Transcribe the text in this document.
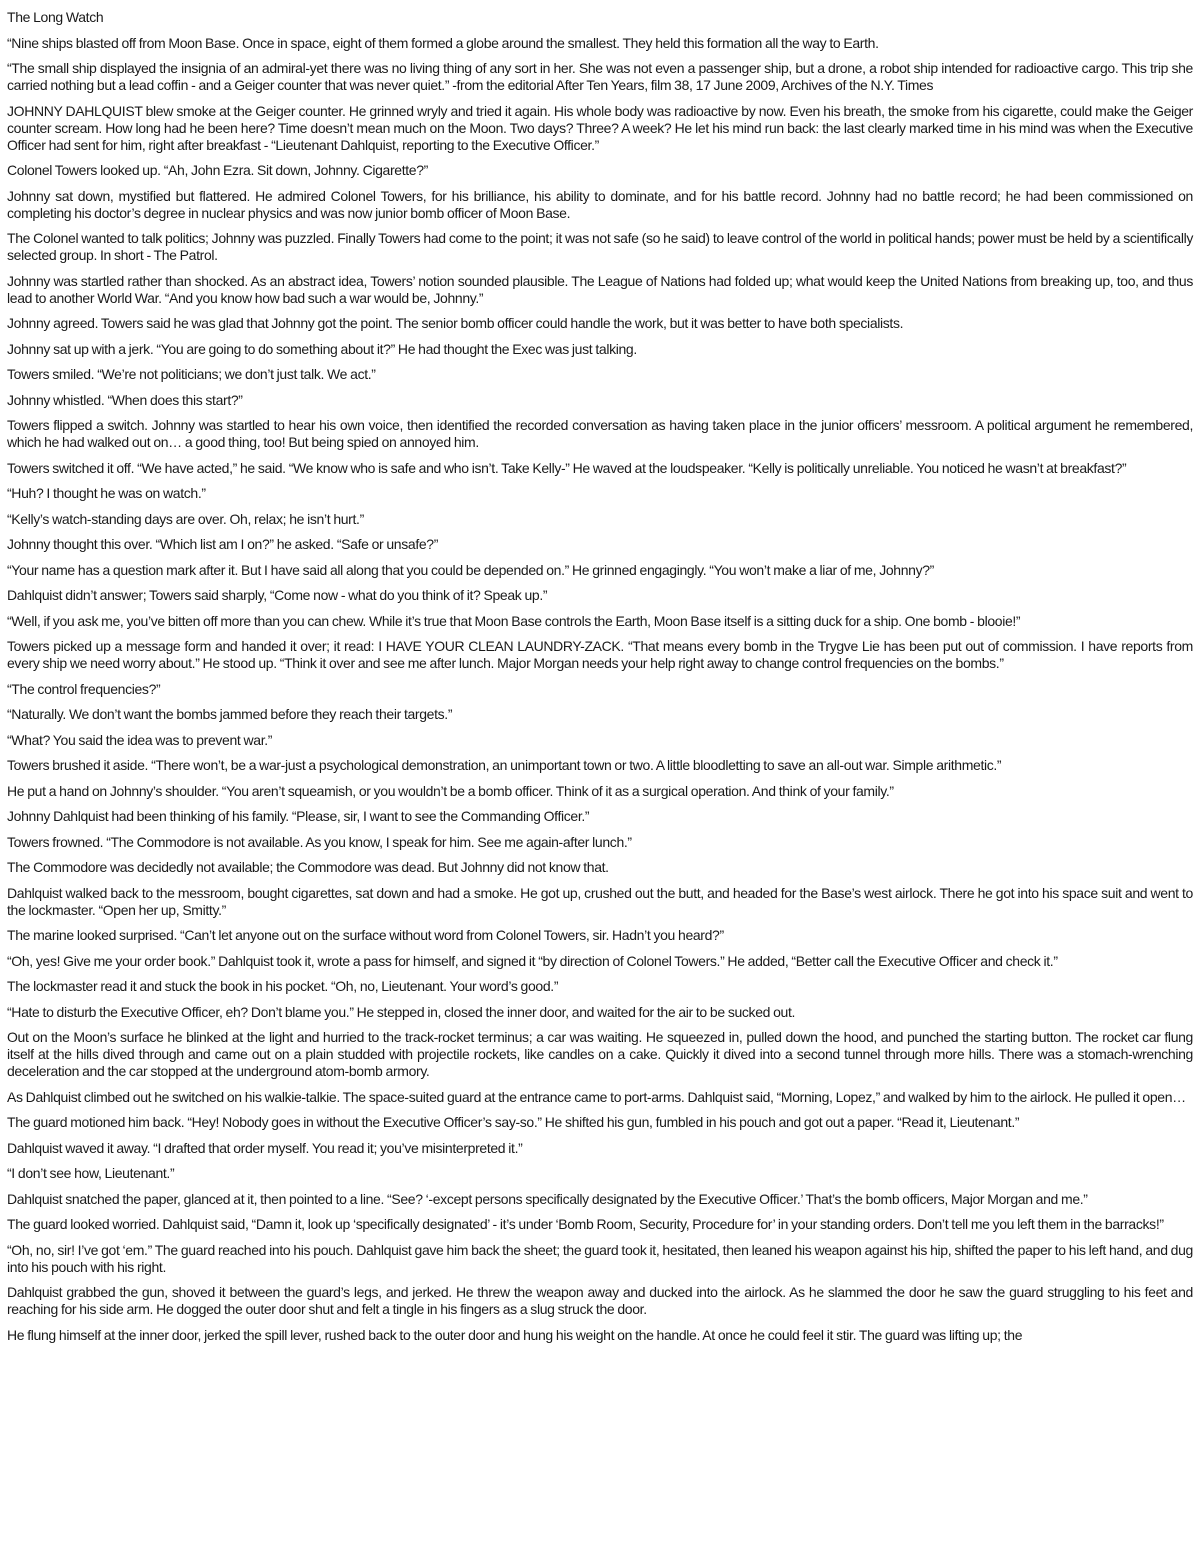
The Long Watch

“Nine ships blasted off from Moon Base. Once in space, eight of them formed a globe around the smallest. They held this formation all the way to Earth.

“The small ship displayed the insignia of an admiral-yet there was no living thing of any sort in her. She was not even a passenger ship, but a drone, a robot ship intended for radioactive cargo. This trip she carried nothing but a lead coffin - and a Geiger counter that was never quiet.” -from the editorial After Ten Years, film 38, 17 June 2009, Archives of the N.Y. Times

JOHNNY DAHLQUIST blew smoke at the Geiger counter. He grinned wryly and tried it again. His whole body was radioactive by now. Even his breath, the smoke from his cigarette, could make the Geiger counter scream. How long had he been here? Time doesn’t mean much on the Moon. Two days? Three? A week? He let his mind run back: the last clearly marked time in his mind was when the Executive Officer had sent for him, right after breakfast - “Lieutenant Dahlquist, reporting to the Executive Officer.”

Colonel Towers looked up. “Ah, John Ezra. Sit down, Johnny. Cigarette?”

Johnny sat down, mystified but flattered. He admired Colonel Towers, for his brilliance, his ability to dominate, and for his battle record. Johnny had no battle record; he had been commissioned on completing his doctor’s degree in nuclear physics and was now junior bomb officer of Moon Base.

The Colonel wanted to talk politics; Johnny was puzzled. Finally Towers had come to the point; it was not safe (so he said) to leave control of the world in political hands; power must be held by a scientifically selected group. In short - The Patrol.

Johnny was startled rather than shocked. As an abstract idea, Towers’ notion sounded plausible. The League of Nations had folded up; what would keep the United Nations from breaking up, too, and thus lead to another World War. “And you know how bad such a war would be, Johnny.”

Johnny agreed. Towers said he was glad that Johnny got the point. The senior bomb officer could handle the work, but it was better to have both specialists.

Johnny sat up with a jerk. “You are going to do something about it?” He had thought the Exec was just talking.

Towers smiled. “We’re not politicians; we don’t just talk. We act.”

Johnny whistled. “When does this start?”

Towers flipped a switch. Johnny was startled to hear his own voice, then identified the recorded conversation as having taken place in the junior officers’ messroom. A political argument he remembered, which he had walked out on… a good thing, too! But being spied on annoyed him.

Towers switched it off. “We have acted,” he said. “We know who is safe and who isn’t. Take Kelly-” He waved at the loudspeaker. “Kelly is politically unreliable. You noticed he wasn’t at breakfast?”

“Huh? I thought he was on watch.”

“Kelly’s watch-standing days are over. Oh, relax; he isn’t hurt.”

Johnny thought this over. “Which list am I on?” he asked. “Safe or unsafe?”

“Your name has a question mark after it. But I have said all along that you could be depended on.” He grinned engagingly. “You won’t make a liar of me, Johnny?”

Dahlquist didn’t answer; Towers said sharply, “Come now - what do you think of it? Speak up.”

“Well, if you ask me, you’ve bitten off more than you can chew. While it’s true that Moon Base controls the Earth, Moon Base itself is a sitting duck for a ship. One bomb - blooie!”

Towers picked up a message form and handed it over; it read: I HAVE YOUR CLEAN LAUNDRY-ZACK. “That means every bomb in the Trygve Lie has been put out of commission. I have reports from every ship we need worry about.” He stood up. “Think it over and see me after lunch. Major Morgan needs your help right away to change control frequencies on the bombs.”

“The control frequencies?”

“Naturally. We don’t want the bombs jammed before they reach their targets.”

“What? You said the idea was to prevent war.”

Towers brushed it aside. “There won’t, be a war-just a psychological demonstration, an unimportant town or two. A little bloodletting to save an all-out war. Simple arithmetic.”

He put a hand on Johnny’s shoulder. “You aren’t squeamish, or you wouldn’t be a bomb officer. Think of it as a surgical operation. And think of your family.”

Johnny Dahlquist had been thinking of his family. “Please, sir, I want to see the Commanding Officer.”

Towers frowned. “The Commodore is not available. As you know, I speak for him. See me again-after lunch.”

The Commodore was decidedly not available; the Commodore was dead. But Johnny did not know that.

Dahlquist walked back to the messroom, bought cigarettes, sat down and had a smoke. He got up, crushed out the butt, and headed for the Base’s west airlock. There he got into his space suit and went to the lockmaster. “Open her up, Smitty.”

The marine looked surprised. “Can’t let anyone out on the surface without word from Colonel Towers, sir. Hadn’t you heard?”

“Oh, yes! Give me your order book.” Dahlquist took it, wrote a pass for himself, and signed it “by direction of Colonel Towers.” He added, “Better call the Executive Officer and check it.”

The lockmaster read it and stuck the book in his pocket. “Oh, no, Lieutenant. Your word’s good.”

“Hate to disturb the Executive Officer, eh? Don’t blame you.” He stepped in, closed the inner door, and waited for the air to be sucked out.

Out on the Moon’s surface he blinked at the light and hurried to the track-rocket terminus; a car was waiting. He squeezed in, pulled down the hood, and punched the starting button. The rocket car flung itself at the hills dived through and came out on a plain studded with projectile rockets, like candles on a cake. Quickly it dived into a second tunnel through more hills. There was a stomach-wrenching deceleration and the car stopped at the underground atom-bomb armory.

As Dahlquist climbed out he switched on his walkie-talkie. The space-suited guard at the entrance came to port-arms. Dahlquist said, “Morning, Lopez,” and walked by him to the airlock. He pulled it open…

The guard motioned him back. “Hey! Nobody goes in without the Executive Officer’s say-so.” He shifted his gun, fumbled in his pouch and got out a paper. “Read it, Lieutenant.”

Dahlquist waved it away. “I drafted that order myself. You read it; you’ve misinterpreted it.”

“I don’t see how, Lieutenant.”

Dahlquist snatched the paper, glanced at it, then pointed to a line. “See? ‘-except persons specifically designated by the Executive Officer.’ That’s the bomb officers, Major Morgan and me.”

The guard looked worried. Dahlquist said, “Damn it, look up ‘specifically designated’ - it’s under ‘Bomb Room, Security, Procedure for’ in your standing orders. Don’t tell me you left them in the barracks!”

“Oh, no, sir! I’ve got ‘em.” The guard reached into his pouch. Dahlquist gave him back the sheet; the guard took it, hesitated, then leaned his weapon against his hip, shifted the paper to his left hand, and dug into his pouch with his right.

Dahlquist grabbed the gun, shoved it between the guard’s legs, and jerked. He threw the weapon away and ducked into the airlock. As he slammed the door he saw the guard struggling to his feet and reaching for his side arm. He dogged the outer door shut and felt a tingle in his fingers as a slug struck the door.

He flung himself at the inner door, jerked the spill lever, rushed back to the outer door and hung his weight on the handle. At once he could feel it stir. The guard was lifting up; the
